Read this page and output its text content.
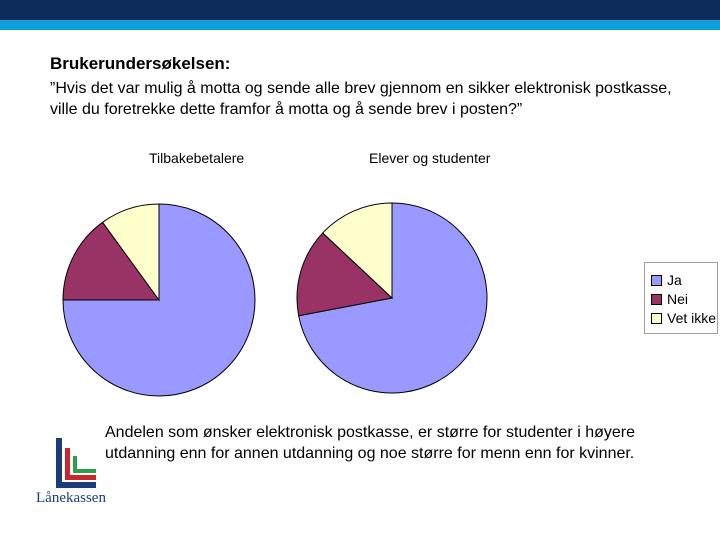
Brukerundersøkelsen:

”Hvis det var mulig å motta og sende alle brev gjennom en sikker elektronisk postkasse, ville du foretrekke dette framfor å motta og å sende brev i posten?”

Tilbakebetalere	Elever og studenter
Ja
Nei
Vet ikke

Andelen som ønsker elektronisk postkasse, er større for studenter i høyere utdanning enn for annen utdanning og noe større for menn enn for kvinner.

Lånekassen
